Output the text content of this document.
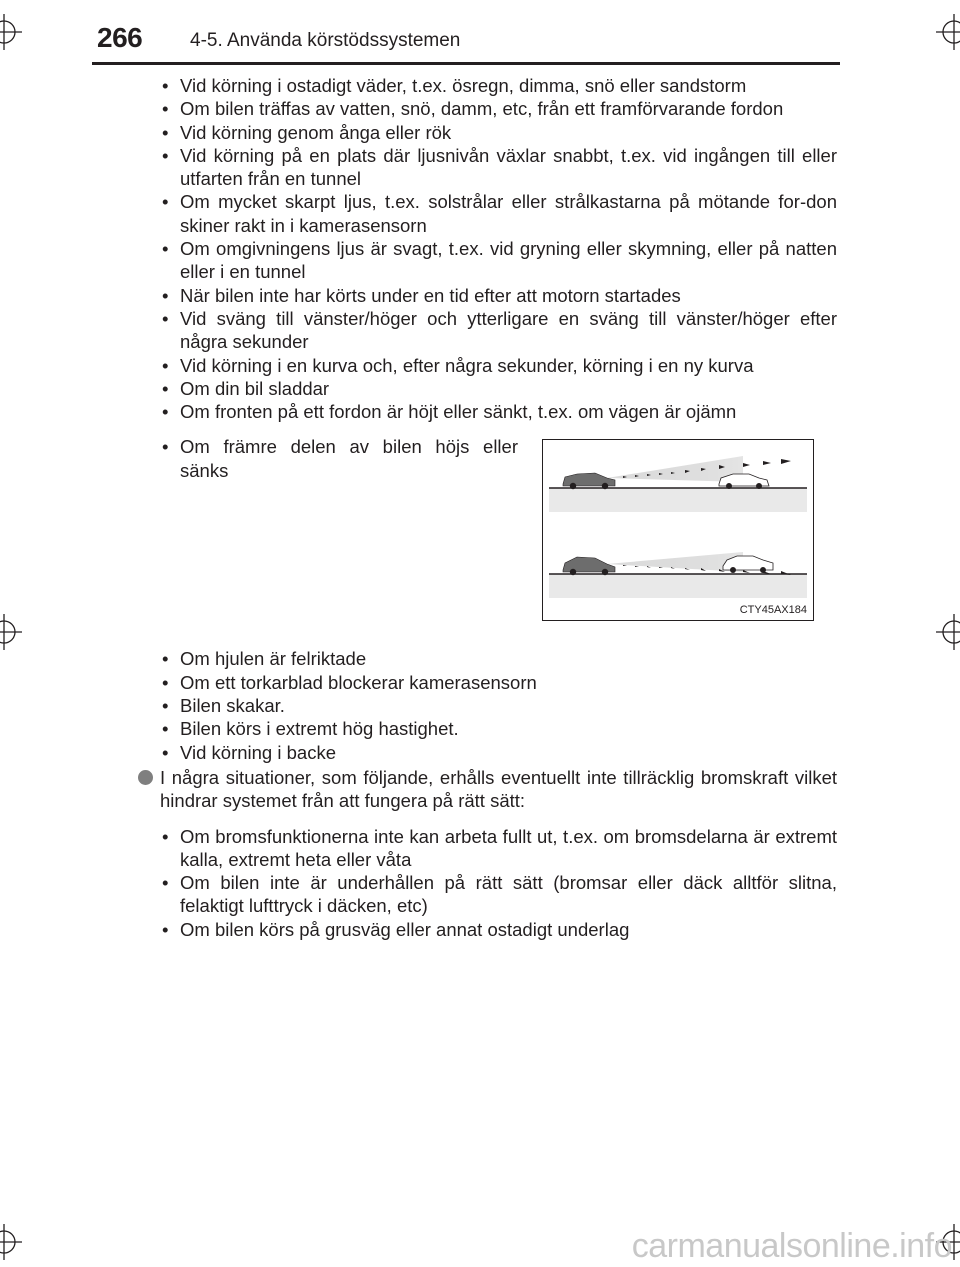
266	4-5. Använda körstödssystemen
• Vid körning i ostadigt väder, t.ex. ösregn, dimma, snö eller sandstorm
• Om bilen träffas av vatten, snö, damm, etc, från ett framförvarande fordon
• Vid körning genom ånga eller rök
• Vid körning på en plats där ljusnivån växlar snabbt, t.ex. vid ingången till eller utfarten från en tunnel
• Om mycket skarpt ljus, t.ex. solstrålar eller strålkastarna på mötande for-don skiner rakt in i kamerasensorn
• Om omgivningens ljus är svagt, t.ex. vid gryning eller skymning, eller på natten eller i en tunnel
• När bilen inte har körts under en tid efter att motorn startades
• Vid sväng till vänster/höger och ytterligare en sväng till vänster/höger efter några sekunder
• Vid körning i en kurva och, efter några sekunder, körning i en ny kurva
• Om din bil sladdar
• Om fronten på ett fordon är höjt eller sänkt, t.ex. om vägen är ojämn
• Om främre delen av bilen höjs eller sänks
CTY45AX184
• Om hjulen är felriktade
• Om ett torkarblad blockerar kamerasensorn
• Bilen skakar.
• Bilen körs i extremt hög hastighet.
• Vid körning i backe
I några situationer, som följande, erhålls eventuellt inte tillräcklig bromskraft vilket hindrar systemet från att fungera på rätt sätt:
• Om bromsfunktionerna inte kan arbeta fullt ut, t.ex. om bromsdelarna är extremt kalla, extremt heta eller våta
• Om bilen inte är underhållen på rätt sätt (bromsar eller däck alltför slitna, felaktigt lufttryck i däcken, etc)
• Om bilen körs på grusväg eller annat ostadigt underlag
carmanualsonline.info
